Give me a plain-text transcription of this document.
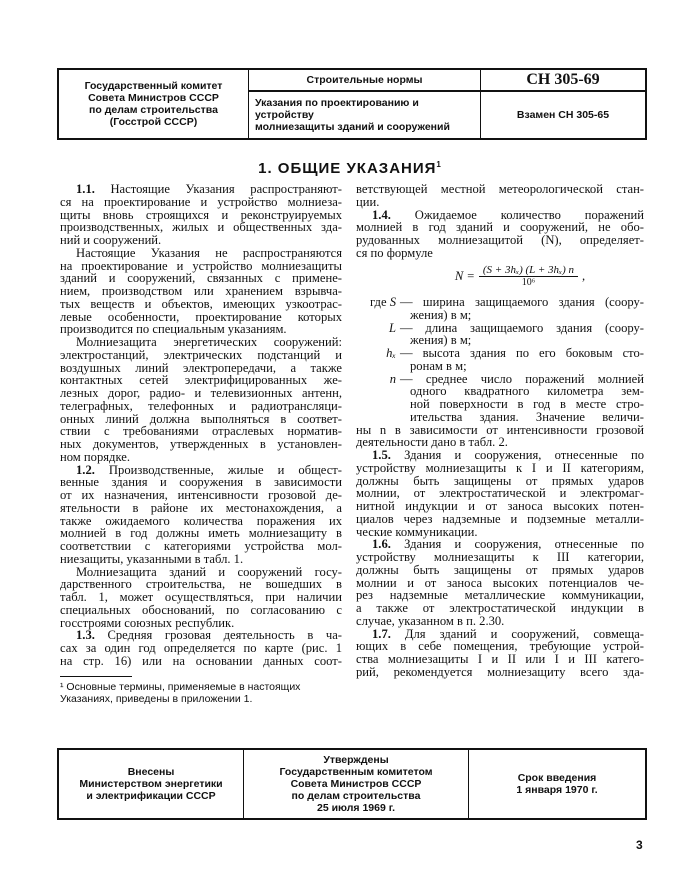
Государственный комитет
Совета Министров СССР
по делам строительства
(Госстрой СССР)
Строительные нормы
Указания по проектированию и устройству
молниезащиты зданий и сооружений
СН 305-69
Взамен СН 305-65
1. ОБЩИЕ УКАЗАНИЯ$^1$
1.1. Настоящие Указания распространяют-
ся на проектирование и устройство молниеза-
щиты вновь строящихся и реконструируемых
производственных, жилых и общественных зда-
ний и сооружений.
Настоящие Указания не распространяются
на проектирование и устройство молниезащиты
зданий и сооружений, связанных с примене-
нием, производством или хранением взрывча-
тых веществ и объектов, имеющих узкоотрас-
левые особенности, проектирование которых
производится по специальным указаниям.
Молниезащита энергетических сооружений:
электростанций, электрических подстанций и
воздушных линий электропередачи, а также
контактных сетей электрифицированных же-
лезных дорог, радио- и телевизионных антенн,
телеграфных, телефонных и радиотрансляци-
онных линий должна выполняться в соответ-
ствии с требованиями отраслевых норматив-
ных документов, утвержденных в установлен-
ном порядке.
1.2. Производственные, жилые и общест-
венные здания и сооружения в зависимости
от их назначения, интенсивности грозовой де-
ятельности в районе их местонахождения, а
также ожидаемого количества поражения их
молнией в год должны иметь молниезащиту в
соответствии с категориями устройства мол-
ниезащиты, указанными в табл. 1.
Молниезащита зданий и сооружений госу-
дарственного строительства, не вошедших в
табл. 1, может осуществляться, при наличии
специальных обоснований, по согласованию с
госстроями союзных республик.
1.3. Средняя грозовая деятельность в ча-
сах за один год определяется по карте (рис. 1
на стр. 16) или на основании данных соот-
ветствующей местной метеорологической стан-
ции.
1.4. Ожидаемое количество поражений
молнией в год зданий и сооружений, не обо-
рудованных молниезащитой (N), определяет-
ся по формуле
$N = \frac{\text{(S + 3hₓ) (L + 3hₓ) n}}{\text{10⁶}}$ ,
где S — ширина защищаемого здания (соору-
жения) в м;
L — длина защищаемого здания (соору-
жения) в м;
hₓ — высота здания по его боковым сто-
ронам в м;
n — среднее число поражений молнией
одного квадратного километра зем-
ной поверхности в год в месте стро-
ительства здания. Значение величи-
ны n в зависимости от интенсивности грозовой
деятельности дано в табл. 2.
1.5. Здания и сооружения, отнесенные по
устройству молниезащиты к I и II категориям,
должны быть защищены от прямых ударов
молнии, от электростатической и электромаг-
нитной индукции и от заноса высоких потен-
циалов через надземные и подземные металли-
ческие коммуникации.
1.6. Здания и сооружения, отнесенные по
устройству молниезащиты к III категории,
должны быть защищены от прямых ударов
молнии и от заноса высоких потенциалов че-
рез надземные металлические коммуникации,
а также от электростатической индукции в
случае, указанном в п. 2.30.
1.7. Для зданий и сооружений, совмеща-
ющих в себе помещения, требующие устрой-
ства молниезащиты I и II или I и III катего-
рий, рекомендуется молниезащиту всего зда-
¹ Основные термины, применяемые в настоящих Указаниях, приведены в приложении 1.
Внесены
Министерством энергетики
и электрификации СССР
Утверждены
Государственным комитетом
Совета Министров СССР
по делам строительства
25 июля 1969 г.
Срок введения
1 января 1970 г.
3
